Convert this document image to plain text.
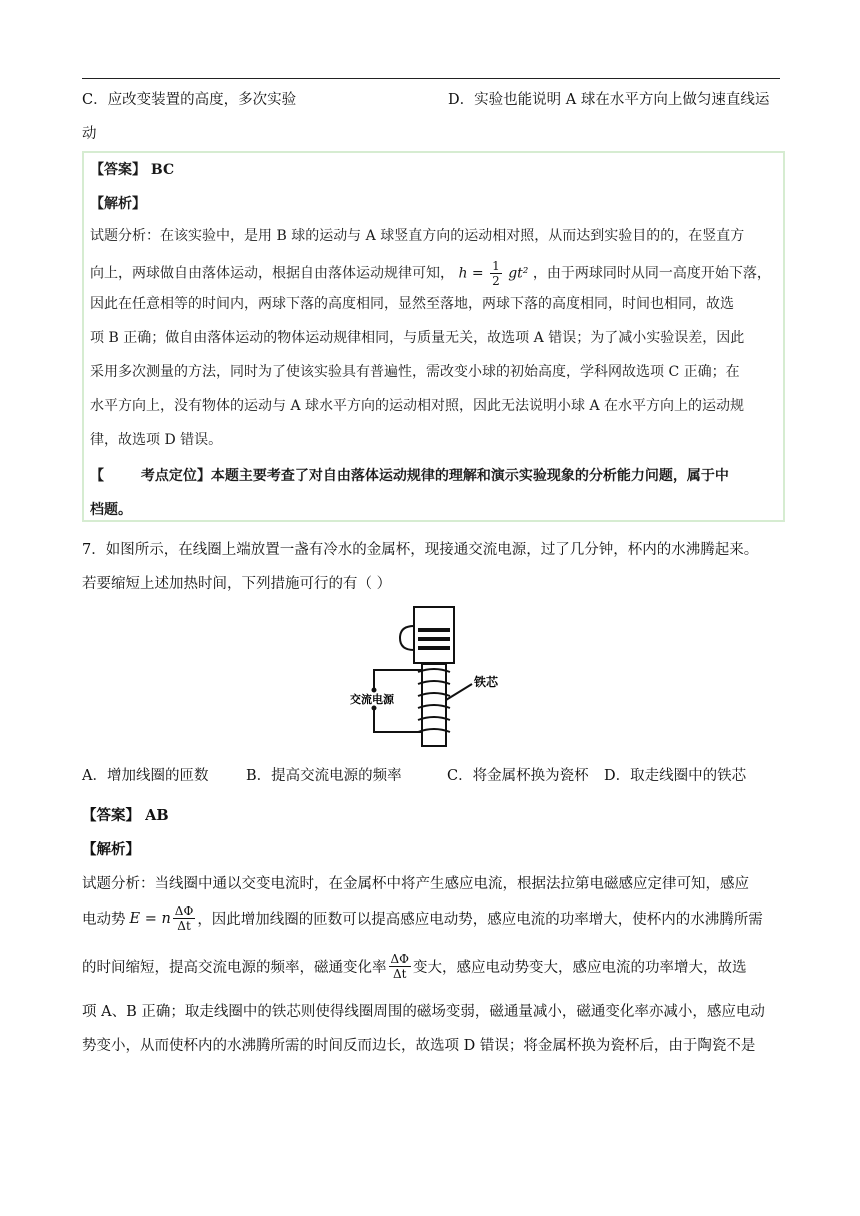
C．应改变装置的高度，多次实验	D．实验也能说明 A 球在水平方向上做匀速直线运
动
【答案】 BC
【解析】
试题分析：在该实验中，是用 B 球的运动与 A 球竖直方向的运动相对照，从而达到实验目的的，在竖直方
向上，两球做自由落体运动，根据自由落体运动规律可知， $h = \frac{1}{2} gt^2$ ，由于两球同时从同一高度开始下落，
因此在任意相等的时间内，两球下落的高度相同，显然至落地，两球下落的高度相同，时间也相同，故选
项 B 正确；做自由落体运动的物体运动规律相同，与质量无关，故选项 A 错误；为了减小实验误差，因此
采用多次测量的方法，同时为了使该实验具有普遍性，需改变小球的初始高度，学科网故选项 C 正确；在
水平方向上，没有物体的运动与 A 球水平方向的运动相对照，因此无法说明小球 A 在水平方向上的运动规
律，故选项 D 错误。
【	考点定位】本题主要考查了对自由落体运动规律的理解和演示实验现象的分析能力问题，属于中
档题。
7．如图所示，在线圈上端放置一盏有冷水的金属杯，现接通交流电源，过了几分钟，杯内的水沸腾起来。
若要缩短上述加热时间，下列措施可行的有（ ）
铁芯
交流电源
A．增加线圈的匝数	B．提高交流电源的频率	C．将金属杯换为瓷杯 D．取走线圈中的铁芯
【答案】 AB
【解析】
试题分析：当线圈中通以交变电流时，在金属杯中将产生感应电流，根据法拉第电磁感应定律可知，感应
电动势 E = n $\frac{\Delta\Phi}{\Delta t}$ ，因此增加线圈的匝数可以提高感应电动势，感应电流的功率增大，使杯内的水沸腾所需
的时间缩短，提高交流电源的频率，磁通变化率 $\frac{\Delta\Phi}{\Delta t}$ 变大，感应电动势变大，感应电流的功率增大，故选
项 A、B 正确；取走线圈中的铁芯则使得线圈周围的磁场变弱，磁通量减小，磁通变化率亦减小，感应电动
势变小，从而使杯内的水沸腾所需的时间反而边长，故选项 D 错误；将金属杯换为瓷杯后，由于陶瓷不是
